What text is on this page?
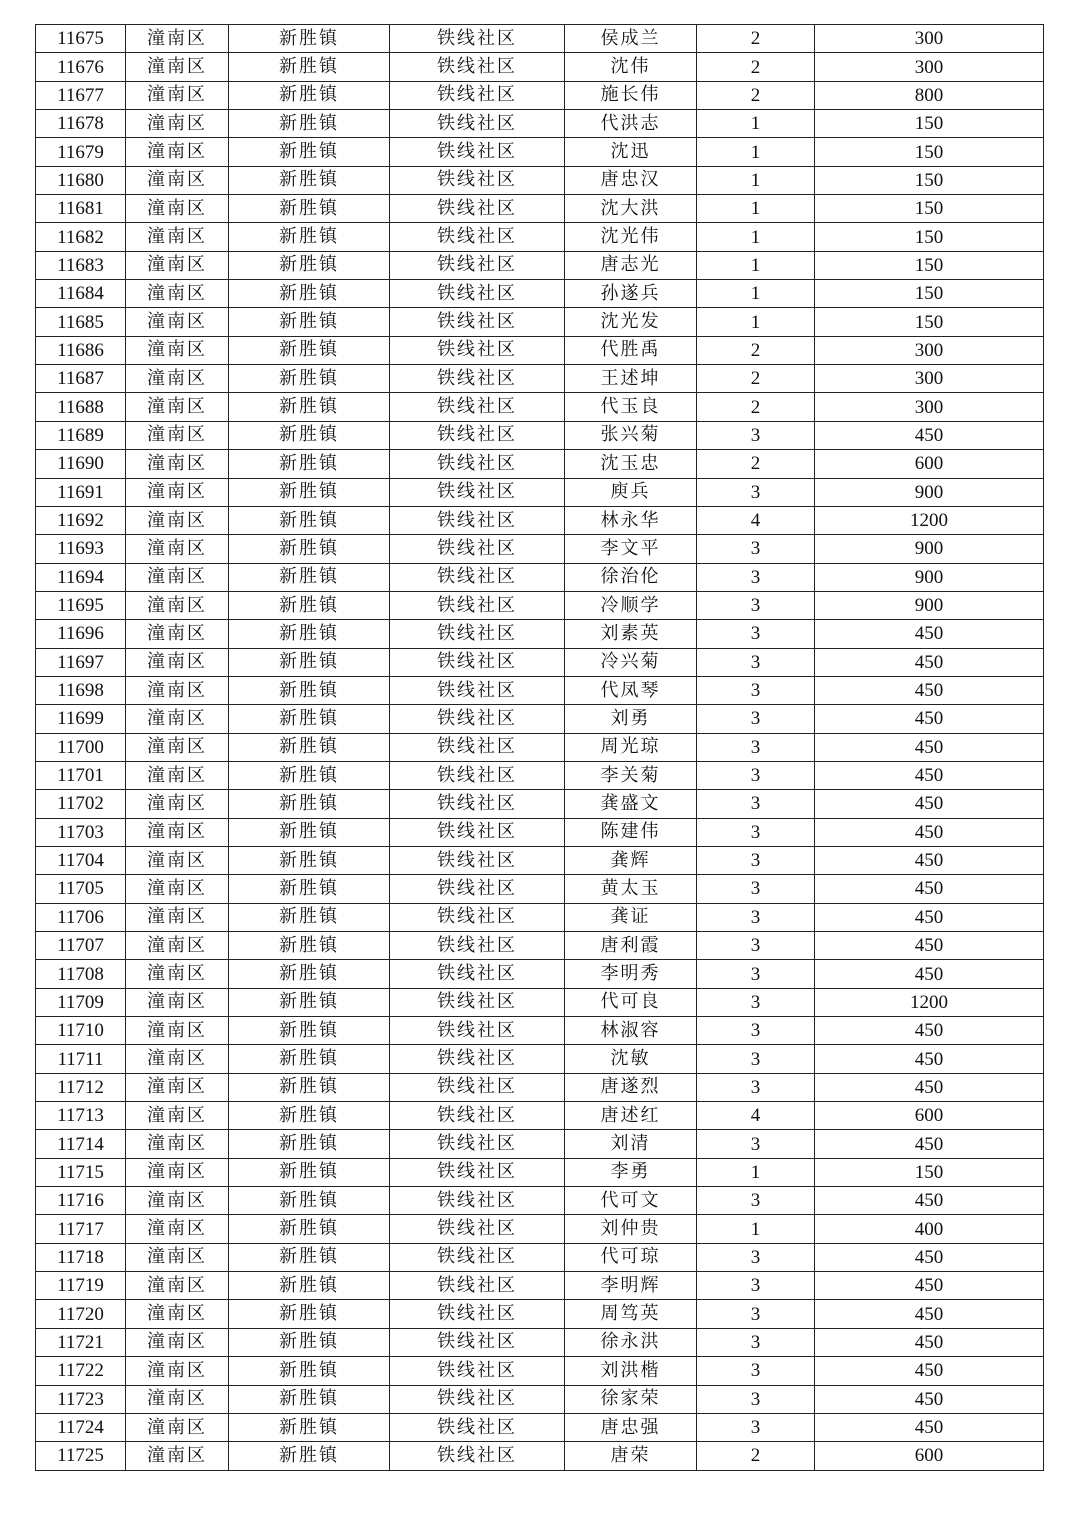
11675	潼南区	新胜镇	铁线社区	侯成兰	2	300
11676	潼南区	新胜镇	铁线社区	沈伟	2	300
11677	潼南区	新胜镇	铁线社区	施长伟	2	800
11678	潼南区	新胜镇	铁线社区	代洪志	1	150
11679	潼南区	新胜镇	铁线社区	沈迅	1	150
11680	潼南区	新胜镇	铁线社区	唐忠汉	1	150
11681	潼南区	新胜镇	铁线社区	沈大洪	1	150
11682	潼南区	新胜镇	铁线社区	沈光伟	1	150
11683	潼南区	新胜镇	铁线社区	唐志光	1	150
11684	潼南区	新胜镇	铁线社区	孙遂兵	1	150
11685	潼南区	新胜镇	铁线社区	沈光发	1	150
11686	潼南区	新胜镇	铁线社区	代胜禹	2	300
11687	潼南区	新胜镇	铁线社区	王述坤	2	300
11688	潼南区	新胜镇	铁线社区	代玉良	2	300
11689	潼南区	新胜镇	铁线社区	张兴菊	3	450
11690	潼南区	新胜镇	铁线社区	沈玉忠	2	600
11691	潼南区	新胜镇	铁线社区	庾兵	3	900
11692	潼南区	新胜镇	铁线社区	林永华	4	1200
11693	潼南区	新胜镇	铁线社区	李文平	3	900
11694	潼南区	新胜镇	铁线社区	徐治伦	3	900
11695	潼南区	新胜镇	铁线社区	冷顺学	3	900
11696	潼南区	新胜镇	铁线社区	刘素英	3	450
11697	潼南区	新胜镇	铁线社区	冷兴菊	3	450
11698	潼南区	新胜镇	铁线社区	代凤琴	3	450
11699	潼南区	新胜镇	铁线社区	刘勇	3	450
11700	潼南区	新胜镇	铁线社区	周光琼	3	450
11701	潼南区	新胜镇	铁线社区	李关菊	3	450
11702	潼南区	新胜镇	铁线社区	龚盛文	3	450
11703	潼南区	新胜镇	铁线社区	陈建伟	3	450
11704	潼南区	新胜镇	铁线社区	龚辉	3	450
11705	潼南区	新胜镇	铁线社区	黄太玉	3	450
11706	潼南区	新胜镇	铁线社区	龚证	3	450
11707	潼南区	新胜镇	铁线社区	唐利霞	3	450
11708	潼南区	新胜镇	铁线社区	李明秀	3	450
11709	潼南区	新胜镇	铁线社区	代可良	3	1200
11710	潼南区	新胜镇	铁线社区	林淑容	3	450
11711	潼南区	新胜镇	铁线社区	沈敏	3	450
11712	潼南区	新胜镇	铁线社区	唐遂烈	3	450
11713	潼南区	新胜镇	铁线社区	唐述红	4	600
11714	潼南区	新胜镇	铁线社区	刘清	3	450
11715	潼南区	新胜镇	铁线社区	李勇	1	150
11716	潼南区	新胜镇	铁线社区	代可文	3	450
11717	潼南区	新胜镇	铁线社区	刘仲贵	1	400
11718	潼南区	新胜镇	铁线社区	代可琼	3	450
11719	潼南区	新胜镇	铁线社区	李明辉	3	450
11720	潼南区	新胜镇	铁线社区	周笃英	3	450
11721	潼南区	新胜镇	铁线社区	徐永洪	3	450
11722	潼南区	新胜镇	铁线社区	刘洪楷	3	450
11723	潼南区	新胜镇	铁线社区	徐家荣	3	450
11724	潼南区	新胜镇	铁线社区	唐忠强	3	450
11725	潼南区	新胜镇	铁线社区	唐荣	2	600
